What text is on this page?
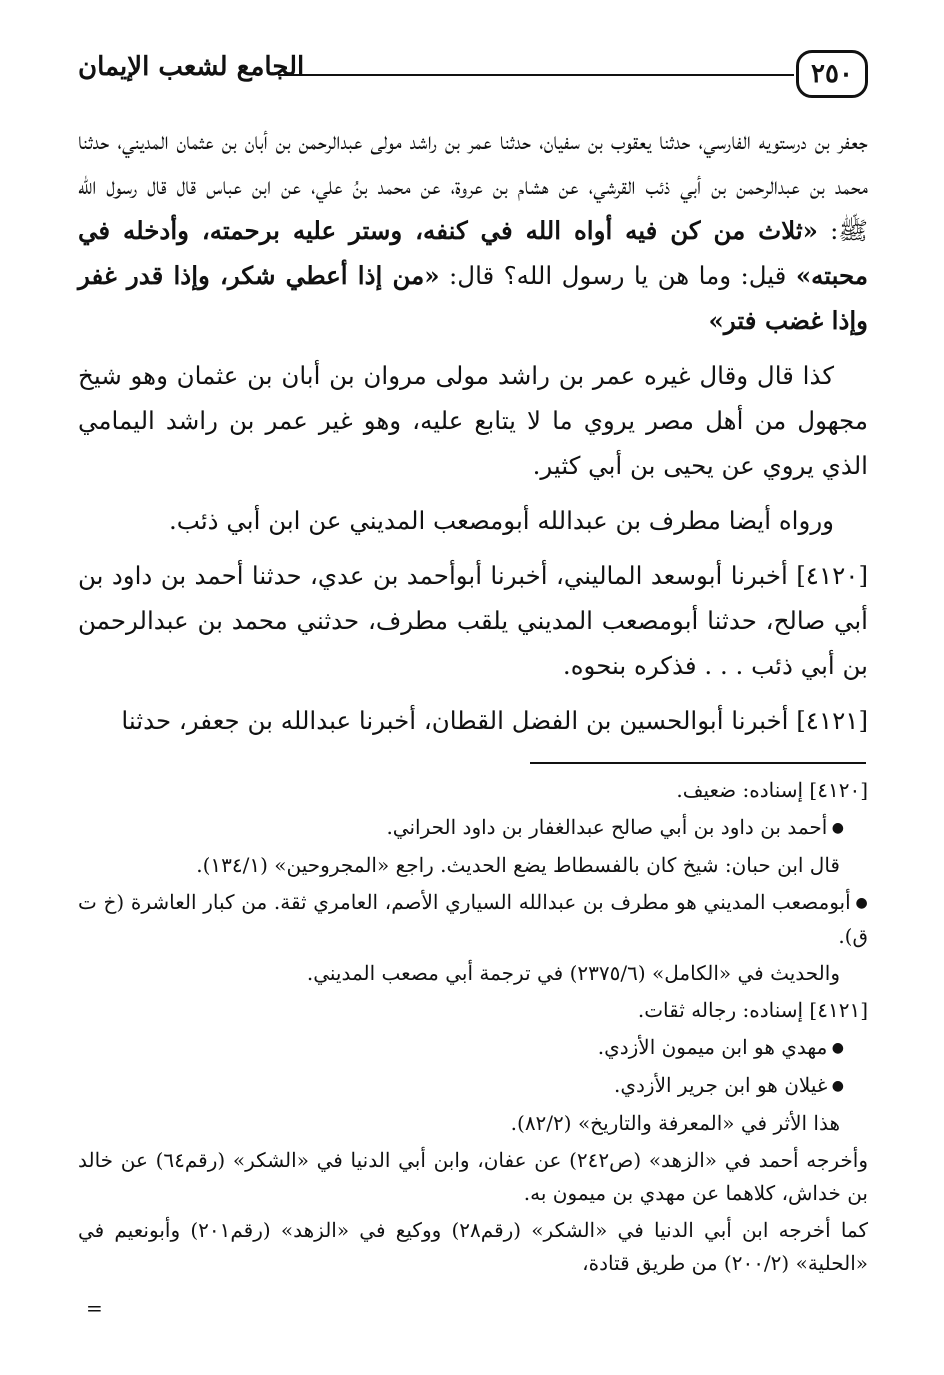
٢٥٠
الجامع لشعب الإيمان

جعفر بن درستويه الفارسي، حدثنا يعقوب بن سفيان، حدثنا عمر بن راشد مولى عبدالرحمن بن أبان بن عثمان المديني، حدثنا محمد بن عبدالرحمن بن أبي ذئب القرشي، عن هشام بن عروة، عن محمد بنُ علي، عن ابن عباس قال قال رسول الله ﷺ: «ثلاث من كن فيه أواه الله في كنفه، وستر عليه برحمته، وأدخله في محبته» قيل: وما هن يا رسول الله؟ قال: «من إذا أعطي شكر، وإذا قدر غفر وإذا غضب فتر»

كذا قال وقال غيره عمر بن راشد مولى مروان بن أبان بن عثمان وهو شيخ مجهول من أهل مصر يروي ما لا يتابع عليه، وهو غير عمر بن راشد اليمامي الذي يروي عن يحيى بن أبي كثير.

ورواه أيضا مطرف بن عبدالله أبومصعب المديني عن ابن أبي ذئب.

[٤١٢٠] أخبرنا أبوسعد الماليني، أخبرنا أبوأحمد بن عدي، حدثنا أحمد بن داود بن أبي صالح، حدثنا أبومصعب المديني يلقب مطرف، حدثني محمد بن عبدالرحمن بن أبي ذئب . . . فذكره بنحوه.

[٤١٢١] أخبرنا أبوالحسين بن الفضل القطان، أخبرنا عبدالله بن جعفر، حدثنا

[٤١٢٠] إسناده: ضعيف.

● أحمد بن داود بن أبي صالح عبدالغفار بن داود الحراني.

قال ابن حبان: شيخ كان بالفسطاط يضع الحديث. راجع «المجروحين» (١٣٤/١).

● أبومصعب المديني هو مطرف بن عبدالله السياري الأصم، العامري ثقة. من كبار العاشرة (خ ت ق).

والحديث في «الكامل» (٢٣٧٥/٦) في ترجمة أبي مصعب المديني.

[٤١٢١] إسناده: رجاله ثقات.

● مهدي هو ابن ميمون الأزدي.

● غيلان هو ابن جرير الأزدي.

هذا الأثر في «المعرفة والتاريخ» (٨٢/٢).

وأخرجه أحمد في «الزهد» (ص٢٤٢) عن عفان، وابن أبي الدنيا في «الشكر» (رقم٦٤) عن خالد بن خداش، كلاهما عن مهدي بن ميمون به.

كما أخرجه ابن أبي الدنيا في «الشكر» (رقم٢٨) ووكيع في «الزهد» (رقم٢٠١) وأبونعيم في «الحلية» (٢٠٠/٢) من طريق قتادة،

=
